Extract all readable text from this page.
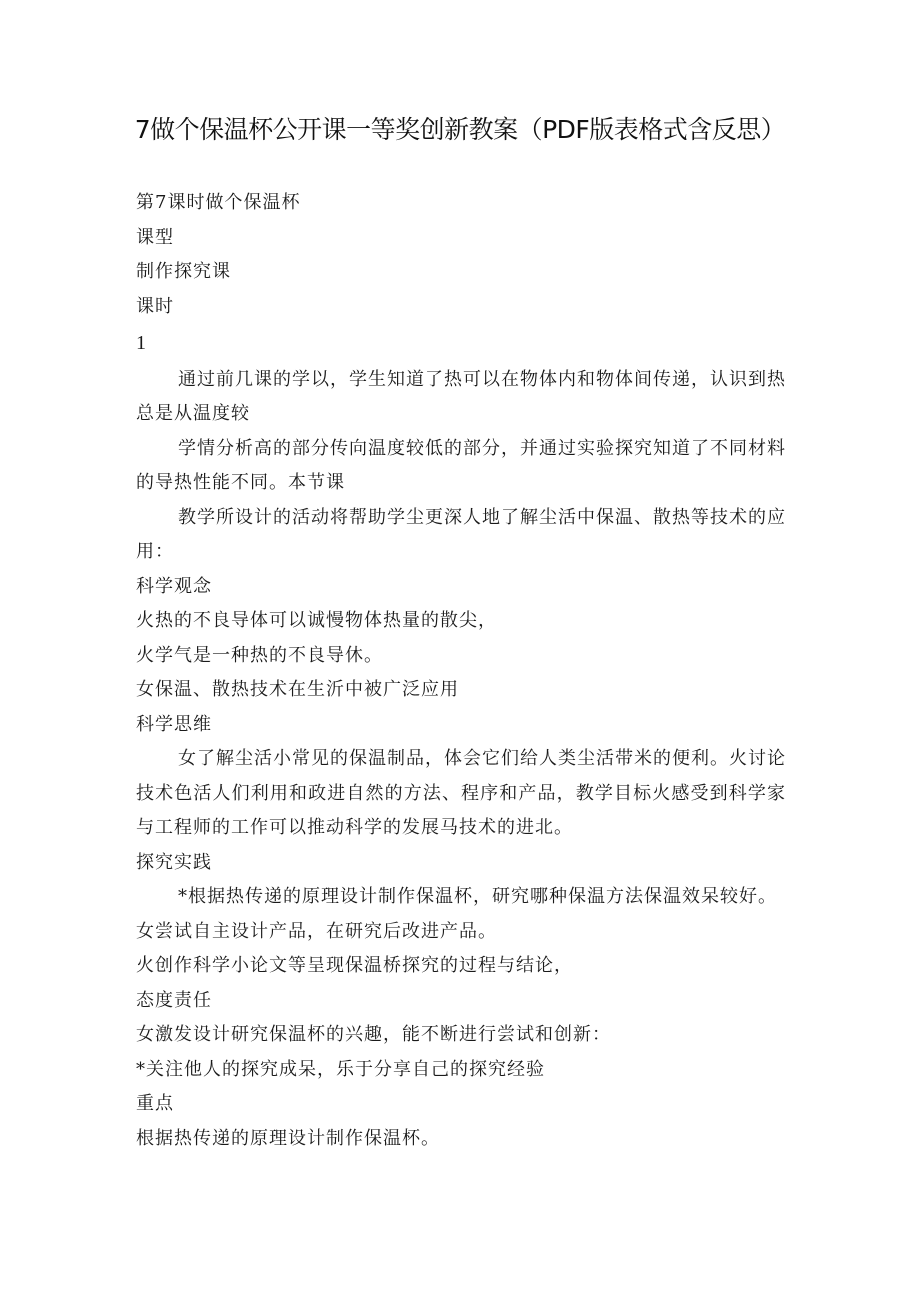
7做个保温杯公开课一等奖创新教案（PDF版表格式含反思）

第7课时做个保温杯

课型

制作探究课

课时

1

通过前几课的学以，学生知道了热可以在物体内和物体间传递，认识到热总是从温度较

学情分析高的部分传向温度较低的部分，并通过实验探究知道了不同材料的导热性能不同。本节课

教学所设计的活动将帮助学尘更深人地了解尘活中保温、散热等技术的应用：

科学观念

火热的不良导体可以诚慢物体热量的散尖，

火学气是一种热的不良导休。

女保温、散热技术在生沂中被广泛应用

科学思维

女了解尘活小常见的保温制品，体会它们给人类尘活带米的便利。火讨论技术色活人们利用和政进自然的方法、程序和产品，教学目标火感受到科学家与工程师的工作可以推动科学的发展马技术的进北。

探究实践

*根据热传递的原理设计制作保温杯，研究哪种保温方法保温效呆较好。

女尝试自主设计产品，在研究后改进产品。

火创作科学小论文等呈现保温桥探究的过程与结论，

态度责任

女激发设计研究保温杯的兴趣，能不断进行尝试和创新：

*关注他人的探究成呆，乐于分享自己的探究经验

重点

根据热传递的原理设计制作保温杯。
